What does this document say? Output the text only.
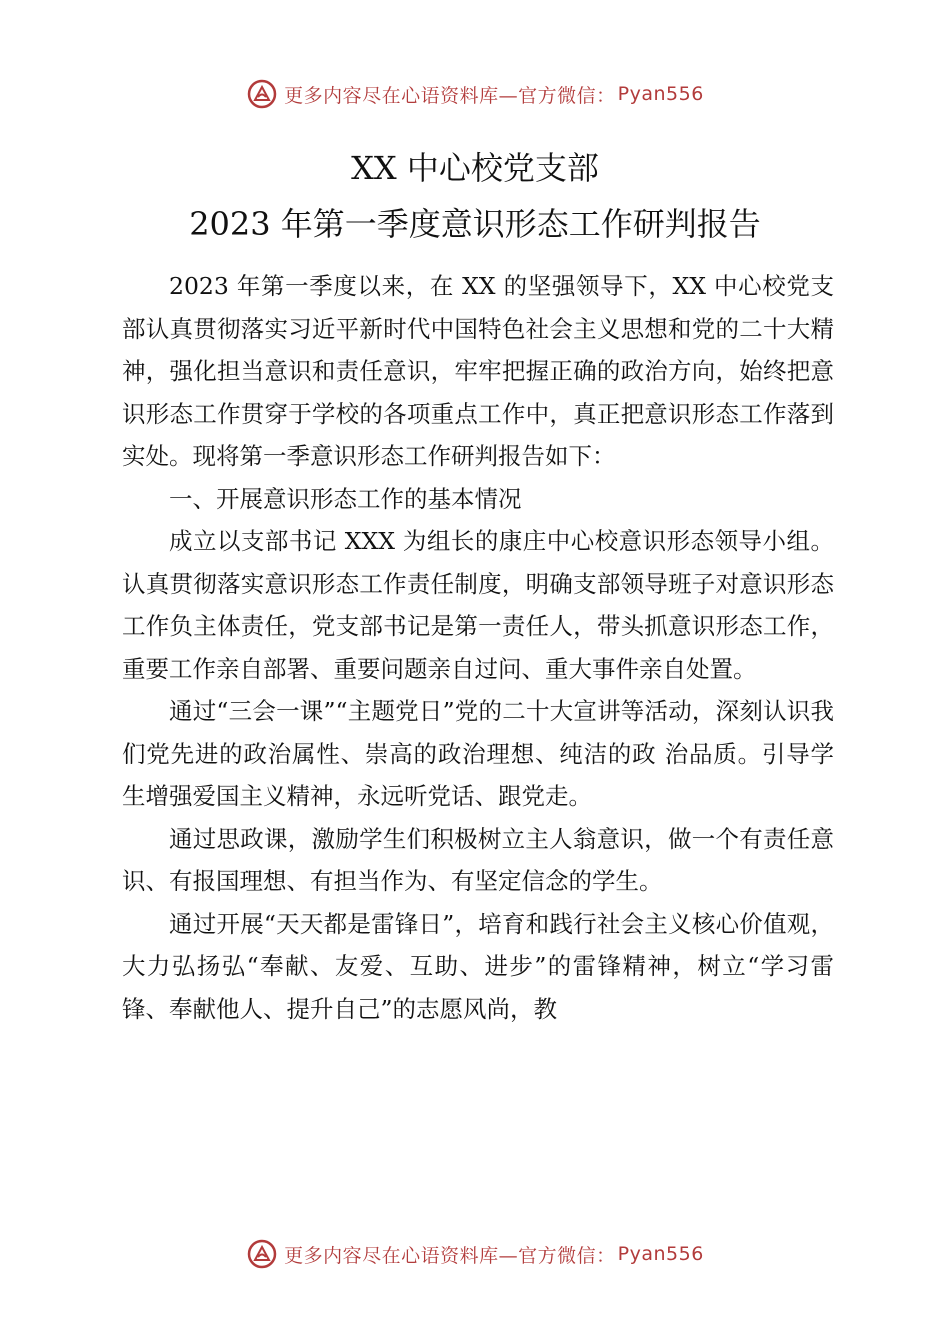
更多内容尽在心语资料库—官方微信： Pyan556
XX 中心校党支部
2023 年第一季度意识形态工作研判报告

2023 年第一季度以来，在 XX 的坚强领导下，XX 中心校党支部认真贯彻落实习近平新时代中国特色社会主义思想和党的二十大精神，强化担当意识和责任意识，牢牢把握正确的政治方向，始终把意识形态工作贯穿于学校的各项重点工作中，真正把意识形态工作落到实处。现将第一季意识形态工作研判报告如下：

一、开展意识形态工作的基本情况

成立以支部书记 XXX 为组长的康庄中心校意识形态领导小组。认真贯彻落实意识形态工作责任制度，明确支部领导班子对意识形态工作负主体责任，党支部书记是第一责任人，带头抓意识形态工作，重要工作亲自部署、重要问题亲自过问、重大事件亲自处置。

通过“三会一课”“主题党日”党的二十大宣讲等活动，深刻认识我们党先进的政治属性、崇高的政治理想、纯洁的政 治品质。引导学生增强爱国主义精神，永远听党话、跟党走。

通过思政课，激励学生们积极树立主人翁意识，做一个有责任意识、有报国理想、有担当作为、有坚定信念的学生。

通过开展“天天都是雷锋日”，培育和践行社会主义核心价值观，大力弘扬弘“奉献、友爱、互助、进步”的雷锋精神，树立“学习雷锋、奉献他人、提升自己”的志愿风尚，教

更多内容尽在心语资料库—官方微信： Pyan556
